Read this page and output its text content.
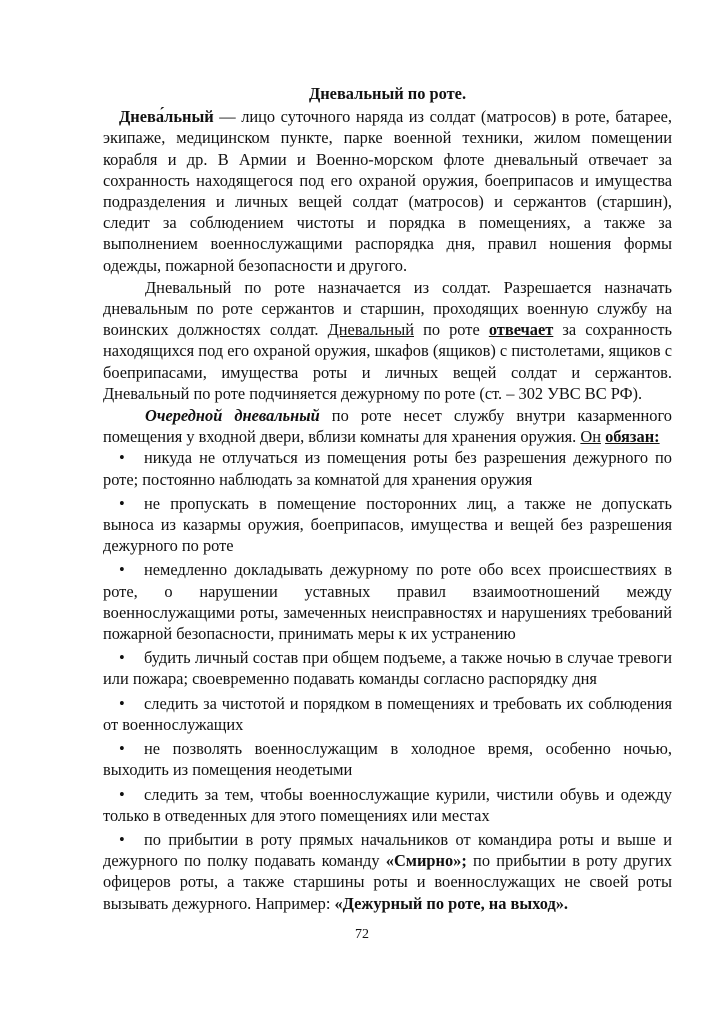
Дневальный по роте.

Днева́льный — лицо суточного наряда из солдат (матросов) в роте, батарее, экипаже, медицинском пункте, парке военной техники, жилом помещении корабля и др. В Армии и Военно-морском флоте дневальный отвечает за сохранность находящегося под его охраной оружия, боеприпасов и имущества подразделения и личных вещей солдат (матросов) и сержантов (старшин), следит за соблюдением чистоты и порядка в помещениях, а также за выполнением военнослужащими распорядка дня, правил ношения формы одежды, пожарной безопасности и другого.

Дневальный по роте назначается из солдат. Разрешается назначать дневальным по роте сержантов и старшин, проходящих военную службу на воинских должностях солдат. Дневальный по роте отвечает за сохранность находящихся под его охраной оружия, шкафов (ящиков) с пистолетами, ящиков с боеприпасами, имущества роты и личных вещей солдат и сержантов. Дневальный по роте подчиняется дежурному по роте (ст. – 302 УВС ВС РФ).

Очередной дневальный по роте несет службу внутри казарменного помещения у входной двери, вблизи комнаты для хранения оружия. Он обязан:

• никуда не отлучаться из помещения роты без разрешения дежурного по роте; постоянно наблюдать за комнатой для хранения оружия
• не пропускать в помещение посторонних лиц, а также не допускать выноса из казармы оружия, боеприпасов, имущества и вещей без разрешения дежурного по роте
• немедленно докладывать дежурному по роте обо всех происшествиях в роте, о нарушении уставных правил взаимоотношений между военнослужащими роты, замеченных неисправностях и нарушениях требований пожарной безопасности, принимать меры к их устранению
• будить личный состав при общем подъеме, а также ночью в случае тревоги или пожара; своевременно подавать команды согласно распорядку дня
• следить за чистотой и порядком в помещениях и требовать их соблюдения от военнослужащих
• не позволять военнослужащим в холодное время, особенно ночью, выходить из помещения неодетыми
• следить за тем, чтобы военнослужащие курили, чистили обувь и одежду только в отведенных для этого помещениях или местах
• по прибытии в роту прямых начальников от командира роты и выше и дежурного по полку подавать команду «Смирно»; по прибытии в роту других офицеров роты, а также старшины роты и военнослужащих не своей роты вызывать дежурного. Например: «Дежурный по роте, на выход».
72
